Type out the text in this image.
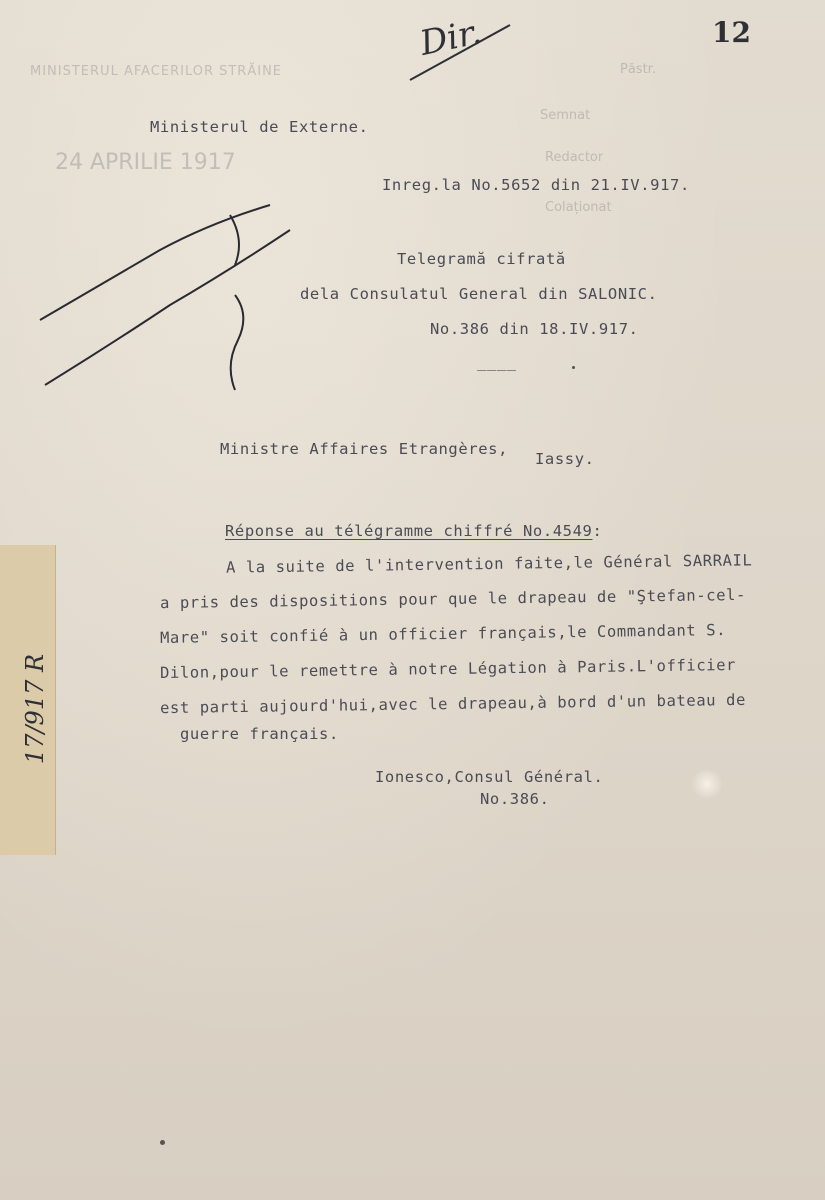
MINISTERUL AFACERILOR STRĂINE
24 APRILIE 1917
Păstr.
Semnat
Redactor
Colaționat
Dir.	12
Ministerul de Externe.
Inreg.la No.5652 din 21.IV.917.
Telegramă cifrată
dela Consulatul General din SALONIC.
No.386 din 18.IV.917.
____
Ministre Affaires Etrangères,
Iassy.
Réponse au télégramme chiffré No.4549:
A la suite de l'intervention faite,le Général SARRAIL
a pris des dispositions pour que le drapeau de "Ştefan-cel-
Mare" soit confié à un officier français,le Commandant S.
Dilon,pour le remettre à notre Légation à Paris.L'officier
est parti aujourd'hui,avec le drapeau,à bord d'un bateau de
guerre français.
Ionesco,Consul Général.
No.386.
17/917 R
